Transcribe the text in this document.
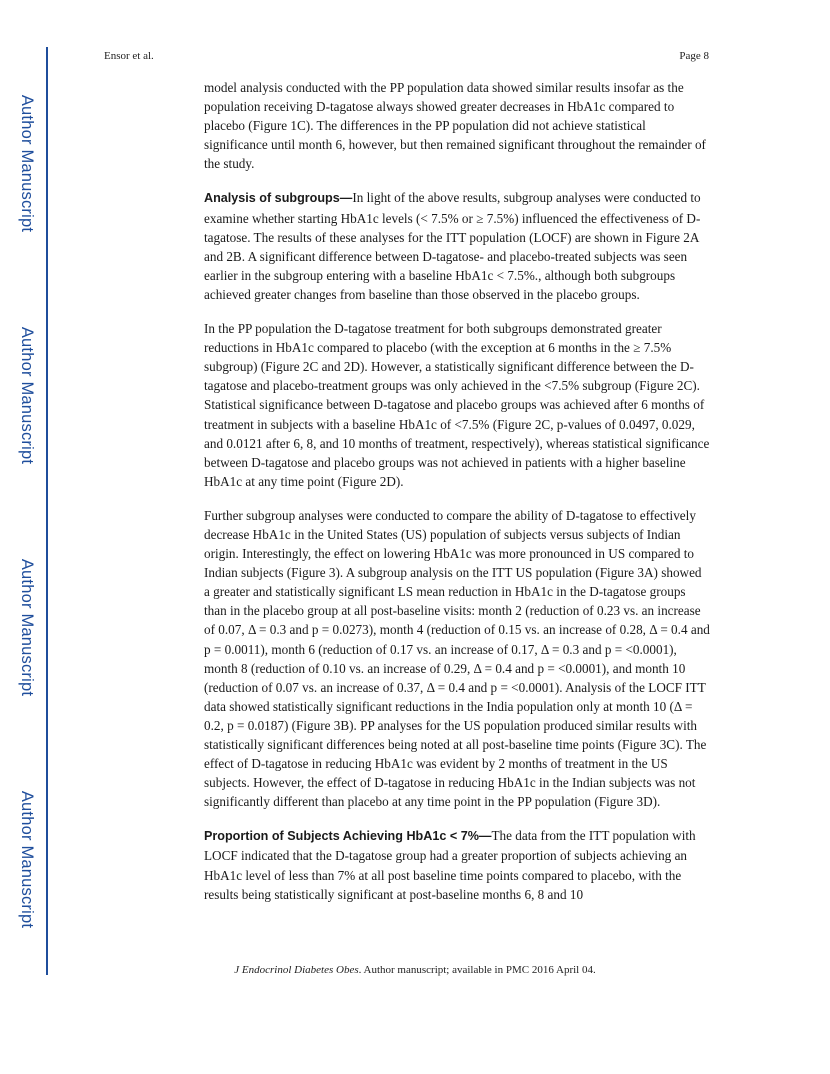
Author Manuscript
Author Manuscript
Author Manuscript
Author Manuscript
Ensor et al.	Page 8

model analysis conducted with the PP population data showed similar results insofar as the population receiving D-tagatose always showed greater decreases in HbA1c compared to placebo (Figure 1C). The differences in the PP population did not achieve statistical significance until month 6, however, but then remained significant throughout the remainder of the study.

Analysis of subgroups—In light of the above results, subgroup analyses were conducted to examine whether starting HbA1c levels (< 7.5% or ≥ 7.5%) influenced the effectiveness of D-tagatose. The results of these analyses for the ITT population (LOCF) are shown in Figure 2A and 2B. A significant difference between D-tagatose- and placebo-treated subjects was seen earlier in the subgroup entering with a baseline HbA1c < 7.5%., although both subgroups achieved greater changes from baseline than those observed in the placebo groups.

In the PP population the D-tagatose treatment for both subgroups demonstrated greater reductions in HbA1c compared to placebo (with the exception at 6 months in the ≥ 7.5% subgroup) (Figure 2C and 2D). However, a statistically significant difference between the D-tagatose and placebo-treatment groups was only achieved in the <7.5% subgroup (Figure 2C). Statistical significance between D-tagatose and placebo groups was achieved after 6 months of treatment in subjects with a baseline HbA1c of <7.5% (Figure 2C, p-values of 0.0497, 0.029, and 0.0121 after 6, 8, and 10 months of treatment, respectively), whereas statistical significance between D-tagatose and placebo groups was not achieved in patients with a higher baseline HbA1c at any time point (Figure 2D).

Further subgroup analyses were conducted to compare the ability of D-tagatose to effectively decrease HbA1c in the United States (US) population of subjects versus subjects of Indian origin. Interestingly, the effect on lowering HbA1c was more pronounced in US compared to Indian subjects (Figure 3). A subgroup analysis on the ITT US population (Figure 3A) showed a greater and statistically significant LS mean reduction in HbA1c in the D-tagatose groups than in the placebo group at all post-baseline visits: month 2 (reduction of 0.23 vs. an increase of 0.07, Δ = 0.3 and p = 0.0273), month 4 (reduction of 0.15 vs. an increase of 0.28, Δ = 0.4 and p = 0.0011), month 6 (reduction of 0.17 vs. an increase of 0.17, Δ = 0.3 and p = <0.0001), month 8 (reduction of 0.10 vs. an increase of 0.29, Δ = 0.4 and p = <0.0001), and month 10 (reduction of 0.07 vs. an increase of 0.37, Δ = 0.4 and p = <0.0001). Analysis of the LOCF ITT data showed statistically significant reductions in the India population only at month 10 (Δ = 0.2, p = 0.0187) (Figure 3B). PP analyses for the US population produced similar results with statistically significant differences being noted at all post-baseline time points (Figure 3C). The effect of D-tagatose in reducing HbA1c was evident by 2 months of treatment in the US subjects. However, the effect of D-tagatose in reducing HbA1c in the Indian subjects was not significantly different than placebo at any time point in the PP population (Figure 3D).

Proportion of Subjects Achieving HbA1c < 7%—The data from the ITT population with LOCF indicated that the D-tagatose group had a greater proportion of subjects achieving an HbA1c level of less than 7% at all post baseline time points compared to placebo, with the results being statistically significant at post-baseline months 6, 8 and 10

J Endocrinol Diabetes Obes. Author manuscript; available in PMC 2016 April 04.
